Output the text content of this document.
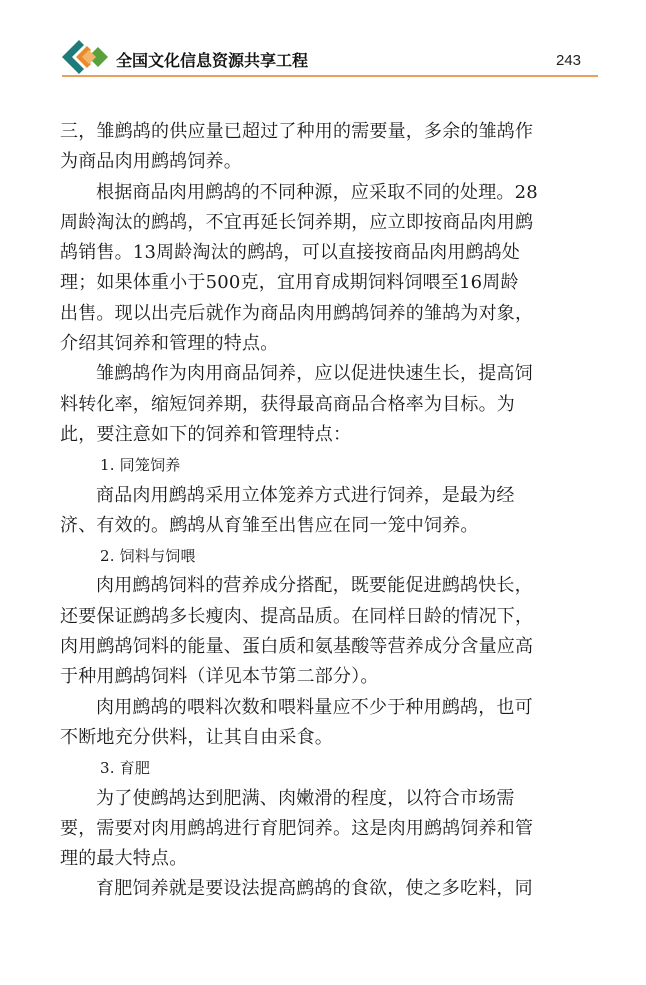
全国文化信息资源共享工程	243
三，雏鹧鸪的供应量已超过了种用的需要量，多余的雏鸪作
为商品肉用鹧鸪饲养。
根据商品肉用鹧鸪的不同种源，应采取不同的处理。28
周龄淘汰的鹧鸪，不宜再延长饲养期，应立即按商品肉用鹧
鸪销售。13周龄淘汰的鹧鸪，可以直接按商品肉用鹧鸪处
理；如果体重小于500克，宜用育成期饲料饲喂至16周龄
出售。现以出壳后就作为商品肉用鹧鸪饲养的雏鸪为对象，
介绍其饲养和管理的特点。
雏鹧鸪作为肉用商品饲养，应以促进快速生长，提高饲
料转化率，缩短饲养期，获得最高商品合格率为目标。为
此，要注意如下的饲养和管理特点：
1. 同笼饲养
商品肉用鹧鸪采用立体笼养方式进行饲养，是最为经
济、有效的。鹧鸪从育雏至出售应在同一笼中饲养。
2. 饲料与饲喂
肉用鹧鸪饲料的营养成分搭配，既要能促进鹧鸪快长，
还要保证鹧鸪多长瘦肉、提高品质。在同样日龄的情况下，
肉用鹧鸪饲料的能量、蛋白质和氨基酸等营养成分含量应高
于种用鹧鸪饲料（详见本节第二部分）。
肉用鹧鸪的喂料次数和喂料量应不少于种用鹧鸪，也可
不断地充分供料，让其自由采食。
3. 育肥
为了使鹧鸪达到肥满、肉嫩滑的程度，以符合市场需
要，需要对肉用鹧鸪进行育肥饲养。这是肉用鹧鸪饲养和管
理的最大特点。
育肥饲养就是要设法提高鹧鸪的食欲，使之多吃料，同
